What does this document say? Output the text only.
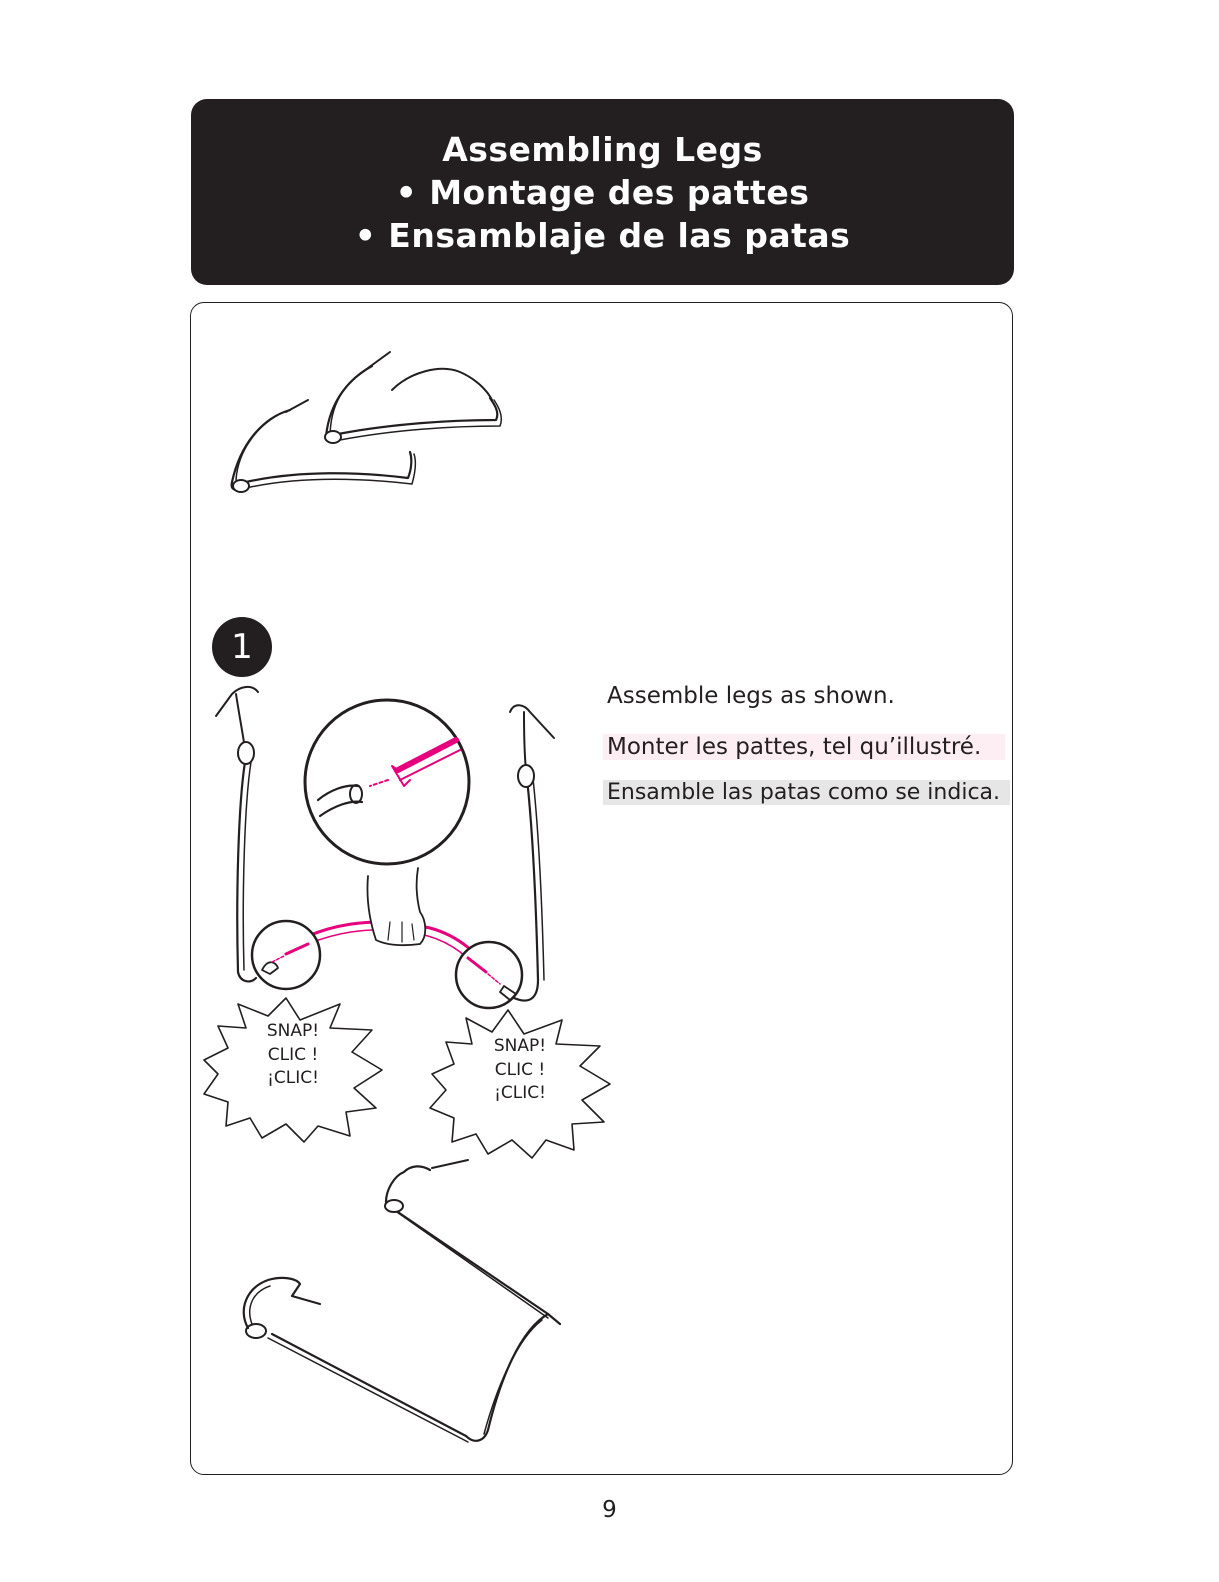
Assembling Legs
• Montage des pattes
• Ensamblaje de las patas
1
Assemble legs as shown.
Monter les pattes, tel qu’illustré.
Ensamble las patas como se indica.
SNAP!
CLIC !
¡CLIC!
SNAP!
CLIC !
¡CLIC!
9
